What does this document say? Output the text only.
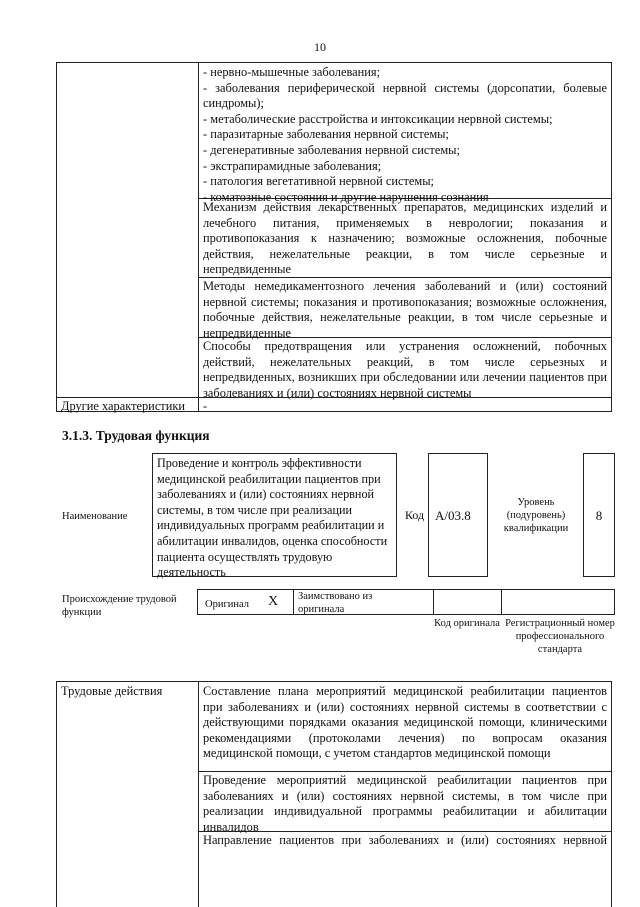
10
- нервно-мышечные заболевания;
- заболевания периферической нервной системы (дорсопатии, болевые синдромы);
- метаболические расстройства и интоксикации нервной системы;
- паразитарные заболевания нервной системы;
- дегенеративные заболевания нервной системы;
- экстрапирамидные заболевания;
- патология вегетативной нервной системы;
- коматозные состояния и другие нарушения сознания
Механизм действия лекарственных препаратов, медицинских изделий и лечебного питания, применяемых в неврологии; показания и противопоказания к назначению; возможные осложнения, побочные действия, нежелательные реакции, в том числе серьезные и непредвиденные
Методы немедикаментозного лечения заболеваний и (или) состояний нервной системы; показания и противопоказания; возможные осложнения, побочные действия, нежелательные реакции, в том числе серьезные и непредвиденные
Способы предотвращения или устранения осложнений, побочных действий, нежелательных реакций, в том числе серьезных и непредвиденных, возникших при обследовании или лечении пациентов при заболеваниях и (или) состояниях нервной системы
Другие характеристики -
3.1.3. Трудовая функция
Наименование
Проведение и контроль эффективности медицинской реабилитации пациентов при заболеваниях и (или) состояниях нервной системы, в том числе при реализации индивидуальных программ реабилитации и абилитации инвалидов, оценка способности пациента осуществлять трудовую деятельность
Код A/03.8
Уровень (подуровень) квалификации
8
Происхождение трудовой функции
Оригинал X Заимствовано из оригинала
Код оригинала Регистрационный номер профессионального стандарта
Трудовые действия	Составление плана мероприятий медицинской реабилитации пациентов при заболеваниях и (или) состояниях нервной системы в соответствии с действующими порядками оказания медицинской помощи, клиническими рекомендациями (протоколами лечения) по вопросам оказания медицинской помощи, с учетом стандартов медицинской помощи
Проведение мероприятий медицинской реабилитации пациентов при заболеваниях и (или) состояниях нервной системы, в том числе при реализации индивидуальной программы реабилитации и абилитации инвалидов
Направление пациентов при заболеваниях и (или) состояниях нервной
